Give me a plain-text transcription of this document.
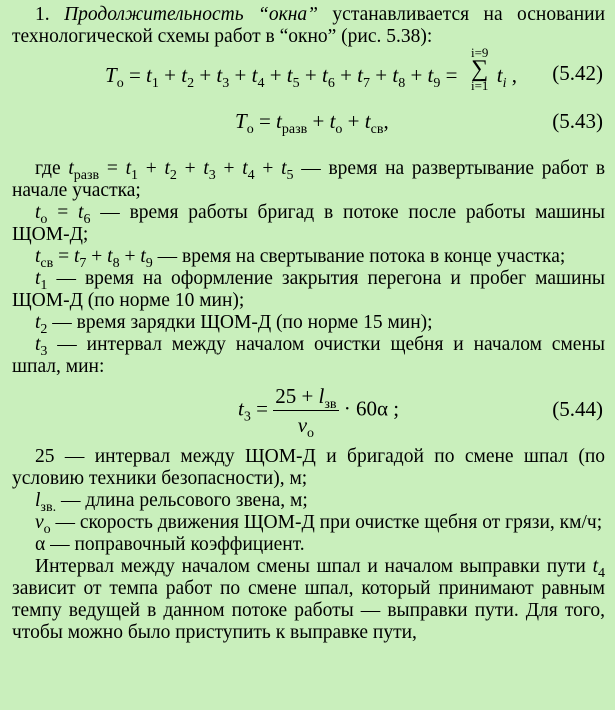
1. Продолжительность “окна” устанавливается на основании технологической схемы работ в “окно” (рис. 5.38):

$T_о = t_1 + t_2 + t_3 + t_4 + t_5 + t_6 + t_7 + t_8 + t_9$ =
i=9
∑
i=1 $t_i$ , (5.42)
$T_о = t_{разв} + t_о + t_{св}$,	(5.43)

где $t_{разв} = t_1 + t_2 + t_3 + t_4 + t_5$ — время на развертывание работ в начале участка;

$t_о = t_6$ — время работы бригад в потоке после работы машины ЩОМ-Д;

$t_{св} = t_7 + t_8 + t_9$ — время на свертывание потока в конце участка;

$t_1$ — время на оформление закрытия перегона и пробег машины ЩОМ-Д (по норме 10 мин);

$t_2$ — время зарядки ЩОМ-Д (по норме 15 мин);

$t_3$ — интервал между началом очистки щебня и началом смены шпал, мин:

$t_3 = \frac{25 + l_{зв}}{v_о} \cdot 60\alpha$ ;	(5.44)

25 — интервал между ЩОМ-Д и бригадой по смене шпал (по условию техники безопасности), м;

$l_{зв.}$ — длина рельсового звена, м;

$v_о$ — скорость движения ЩОМ-Д при очистке щебня от грязи, км/ч;

α — поправочный коэффициент.

Интервал между началом смены шпал и началом выправки пути $t_4$ зависит от темпа работ по смене шпал, который принимают равным темпу ведущей в данном потоке работы — выправки пути. Для того, чтобы можно было приступить к выправке пути,
